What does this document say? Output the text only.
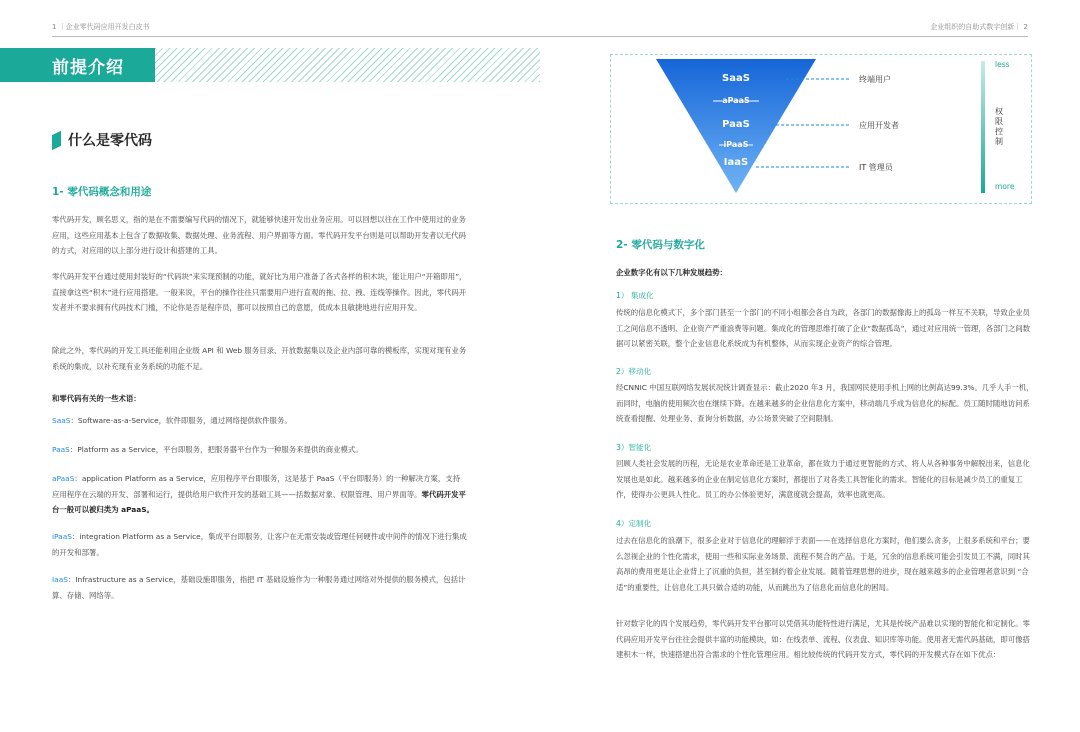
1 ｜企业零代码应用开发白皮书
前提介绍
什么是零代码
1- 零代码概念和用途

零代码开发，顾名思义，指的是在不需要编写代码的情况下，就能够快速开发出业务应用。可以回想以往在工作中使用过的业务应用，这些应用基本上包含了数据收集、数据处理、业务流程、用户界面等方面。零代码开发平台则是可以帮助开发者以无代码的方式，对应用的以上部分进行设计和搭建的工具。

零代码开发平台通过使用封装好的“代码块”来实现预制的功能，就好比为用户准备了各式各样的积木块，能让用户“开箱即用”，直接拿这些“积木”进行应用搭建。一般来说，平台的操作往往只需要用户进行直观的拖、拉、拽、连线等操作。因此，零代码开发者并不要求拥有代码技术门槛，不论你是否是程序员，都可以按照自己的意愿，低成本且敏捷地进行应用开发。

除此之外，零代码的开发工具还能利用企业级 API 和 Web 服务目录、开放数据集以及企业内部可靠的模板库，实现对现有业务系统的集成，以补充现有业务系统的功能不足。

和零代码有关的一些术语：

SaaS：Software-as-a-Service，软件即服务，通过网络提供软件服务。

PaaS：Platform as a Service，平台即服务，把服务器平台作为一种服务来提供的商业模式。

aPaaS：application Platform as a Service，应用程序平台即服务，这是基于 PaaS（平台即服务）的一种解决方案，支持应用程序在云端的开发、部署和运行，提供给用户软件开发的基础工具——括数据对象、权限管理、用户界面等。零代码开发平台一般可以被归类为 aPaaS。

iPaaS：integration Platform as a Service，集成平台即服务，让客户在无需安装或管理任何硬件或中间件的情况下进行集成的开发和部署。

IaaS：Infrastructure as a Service，基础设施即服务，指把 IT 基础设施作为一种服务通过网络对外提供的服务模式，包括计算、存储、网络等。

企业组织的自助式数字创新｜ 2
SaaS
aPaaS
PaaS
iPaaS
IaaS
终端用户
应用开发者
IT 管理员
less
权限控制
more
2- 零代码与数字化

企业数字化有以下几种发展趋势：

1） 集成化

传统的信息化模式下，多个部门甚至一个部门的不同小组都会各自为政，各部门的数据像海上的孤岛一样互不关联，导致企业员工之间信息不透明、企业资产严重浪费等问题。集成化的管理思维打破了企业“数据孤岛”，通过对应用统一管理，各部门之间数据可以紧密关联，整个企业信息化系统成为有机整体，从而实现企业资产的综合管理。

2）移动化

经CNNIC 中国互联网络发展状况统计调查显示：截止2020 年3 月，我国网民使用手机上网的比例高达99.3%。几乎人手一机，而同时，电脑的使用频次也在继续下降。在越来越多的企业信息化方案中，移动端几乎成为信息化的标配。员工随时随地访问系统查看提醒、处理业务、查询分析数据，办公场景突破了空间限制。

3）智能化

回顾人类社会发展的历程，无论是农业革命还是工业革命，都在致力于通过更智能的方式、将人从各种事务中解脱出来，信息化发展也是如此。越来越多的企业在制定信息化方案时，都提出了对各类工具智能化的需求。智能化的目标是减少员工的重复工作，使得办公更具人性化。员工的办公体验更好，满意度就会提高，效率也就更高。

4）定制化

过去在信息化的浪潮下，很多企业对于信息化的理解浮于表面——在选择信息化方案时，他们要么贪多，上很多系统和平台；要么忽视企业的个性化需求，使用一些和实际业务场景、流程不契合的产品。于是，冗余的信息系统可能会引发员工不满，同时其高昂的费用更是让企业背上了沉重的负担，甚至制约着企业发展。随着管理思想的进步，现在越来越多的企业管理者意识到 “合适”的重要性，让信息化工具只做合适的功能，从而跳出为了信息化而信息化的困局。

针对数字化的四个发展趋势，零代码开发平台都可以凭借其功能特性进行满足，尤其是传统产品难以实现的智能化和定制化。零代码应用开发平台往往会提供丰富的功能模块，如：在线表单、流程、仪表盘、知识库等功能。使用者无需代码基础，即可像搭建积木一样，快速搭建出符合需求的个性化管理应用。相比较传统的代码开发方式，零代码的开发模式存在如下优点：
